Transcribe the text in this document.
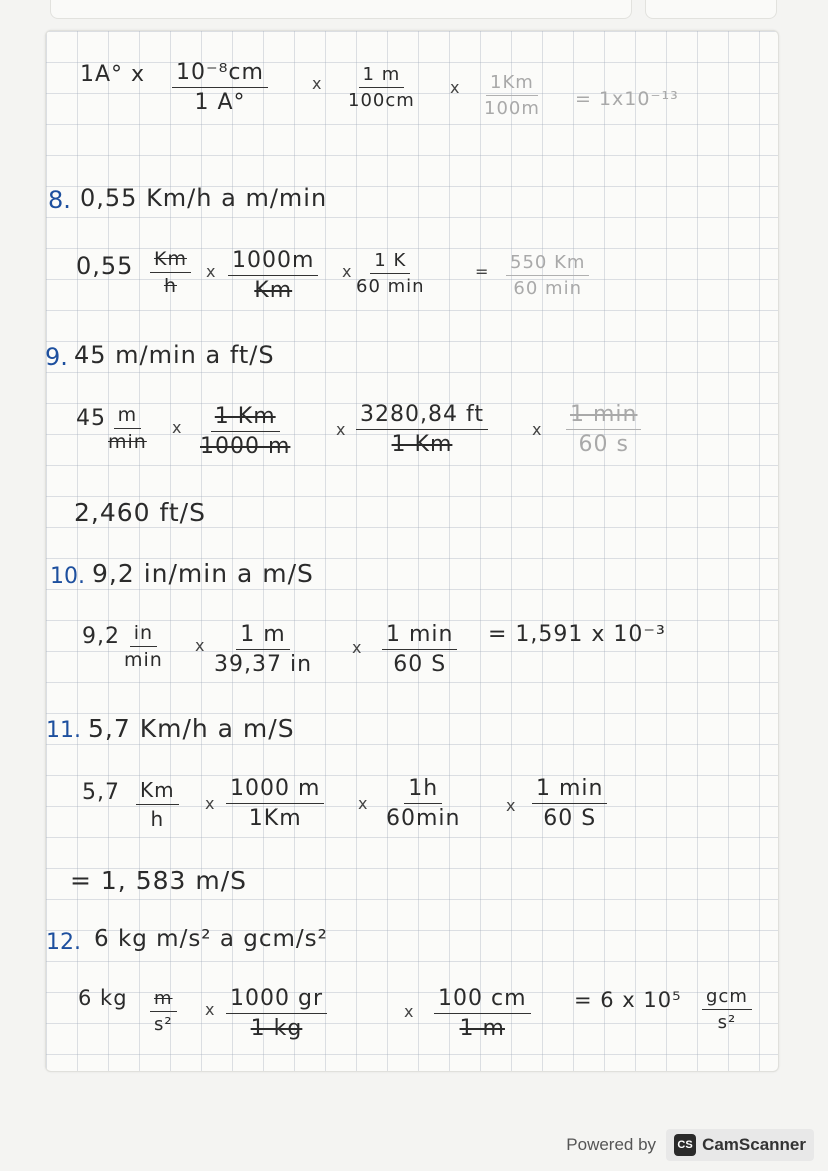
1A° x $\frac{\text{10⁻⁸cm}}{1 A^\circ}$	x $\frac{1 m}{100cm}$ x $\frac{1Km}{100m} = 1x10^{-13}$
8. 0,55 Km/h a m/min
$0,55 \frac{Km}{h}$ x $\frac{1000m}{Km}$ x
1 K
60 min
= 550 Km
60 min
9. 45 m/min a ft/S
45 m
min
x $\frac{1 Km}{1000 m}$	x $\frac{3280,84 ft}{1 Km}$	x
1 min
60 s
2,460 ft/S
10. 9,2 in/min a m/S
9,2 in
min
x $\frac{1 m}{39,37 in}$ x
1 min
60 S
= 1,591 x 10⁻³
11. 5,7 Km/h a m/S
$5,7 \frac{Km}{h}$ x $\frac{1000 m}{1Km}$ x
1h
60min
x
1 min
60 S
= 1, 583 m/S
12. 6 kg m/s² a gcm/s²
6 kg $\frac{m}{\text{s²}}$ x $\frac{1000 gr}{1 kg}$	x $\frac{100 cm}{1 m} = 6$ x 10⁵ gcm
s²
Powered by	CS CamScanner
